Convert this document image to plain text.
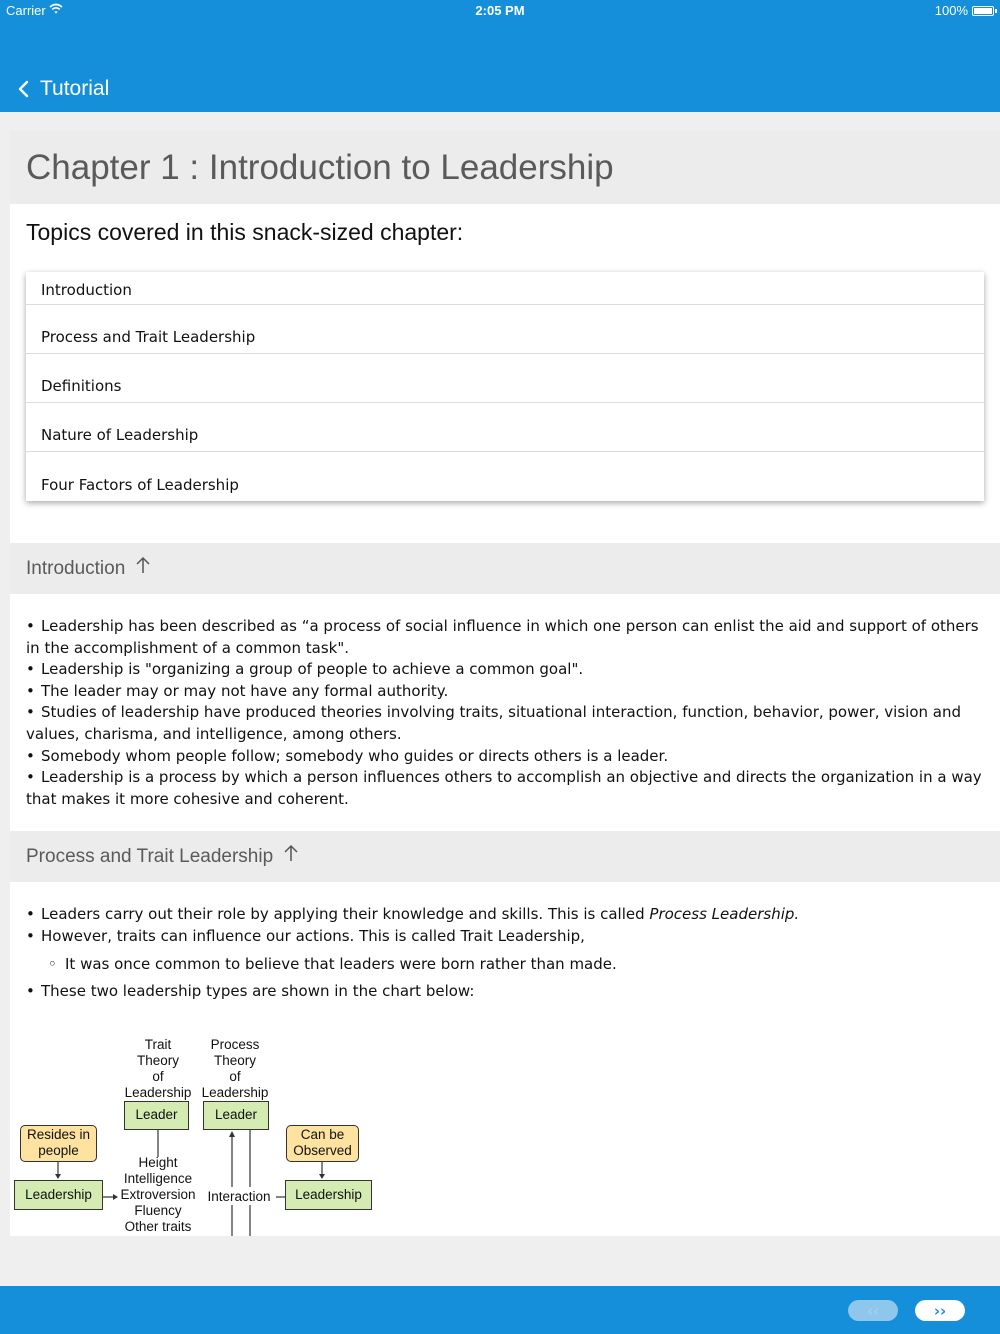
Carrier	2:05 PM	100%
Tutorial
Chapter 1 : Introduction to Leadership
Topics covered in this snack-sized chapter:
Introduction
Process and Trait Leadership
Definitions
Nature of Leadership
Four Factors of Leadership
Introduction
• Leadership has been described as “a process of social influence in which one person can enlist the aid and support of others in the accomplishment of a common task".
• Leadership is "organizing a group of people to achieve a common goal".
• The leader may or may not have any formal authority.
• Studies of leadership have produced theories involving traits, situational interaction, function, behavior, power, vision and values, charisma, and intelligence, among others.
• Somebody whom people follow; somebody who guides or directs others is a leader.
• Leadership is a process by which a person influences others to accomplish an objective and directs the organization in a way that makes it more cohesive and coherent.
Process and Trait Leadership
• Leaders carry out their role by applying their knowledge and skills. This is called Process Leadership.
• However, traits can influence our actions. This is called Trait Leadership,
◦ It was once common to believe that leaders were born rather than made.
• These two leadership types are shown in the chart below:
Trait
Theory
of
Leadership
Process
Theory
of
Leadership
Leader	Leader
Resides in
people
Can be
Observed
Leadership	Leadership
Height
Intelligence
Extroversion
Fluency
Other traits
Interaction
‹‹	››
